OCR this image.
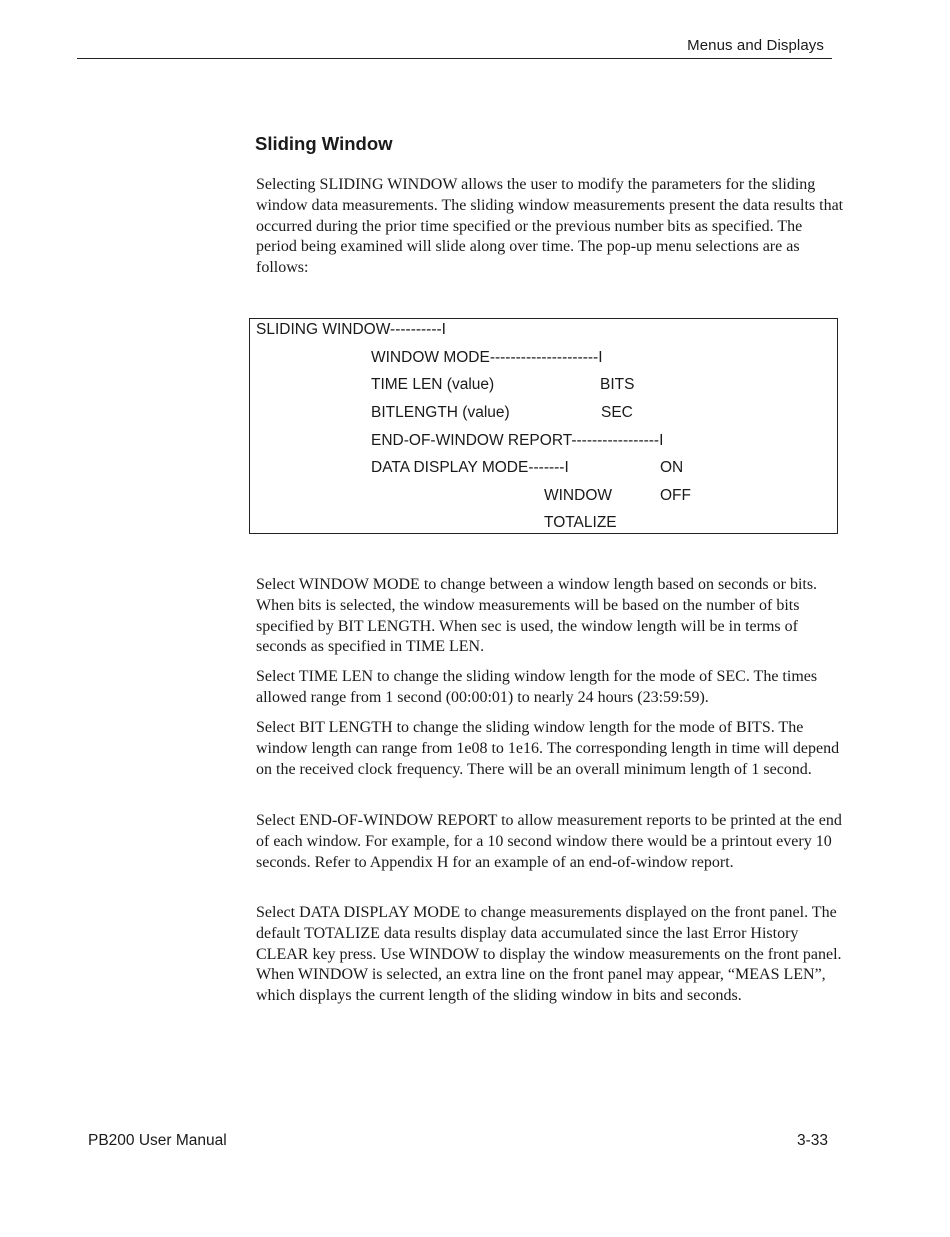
Menus and Displays
Sliding Window

Selecting SLIDING WINDOW allows the user to modify the parameters for the sliding window data measurements. The sliding window measurements present the data results that occurred during the prior time specified or the previous number bits as specified. The period being examined will slide along over time. The pop-up menu selections are as follows:

SLIDING WINDOW----------I
WINDOW MODE---------------------I
TIME LEN (value)	BITS
BITLENGTH (value)	SEC
END-OF-WINDOW REPORT-----------------I
DATA DISPLAY MODE-------I	ON
WINDOW	OFF
TOTALIZE

Select WINDOW MODE to change between a window length based on seconds or bits. When bits is selected, the window measurements will be based on the number of bits specified by BIT LENGTH. When sec is used, the window length will be in terms of seconds as specified in TIME LEN.

Select TIME LEN to change the sliding window length for the mode of SEC. The times allowed range from 1 second (00:00:01) to nearly 24 hours (23:59:59).

Select BIT LENGTH to change the sliding window length for the mode of BITS. The window length can range from 1e08 to 1e16. The corresponding length in time will depend on the received clock frequency. There will be an overall minimum length of 1 second.

Select END-OF-WINDOW REPORT to allow measurement reports to be printed at the end of each window. For example, for a 10 second window there would be a printout every 10 seconds. Refer to Appendix H for an example of an end-of-window report.

Select DATA DISPLAY MODE to change measurements displayed on the front panel. The default TOTALIZE data results display data accumulated since the last Error History CLEAR key press. Use WINDOW to display the window measurements on the front panel. When WINDOW is selected, an extra line on the front panel may appear, “MEAS LEN”, which displays the current length of the sliding window in bits and seconds.

PB200 User Manual	3-33
